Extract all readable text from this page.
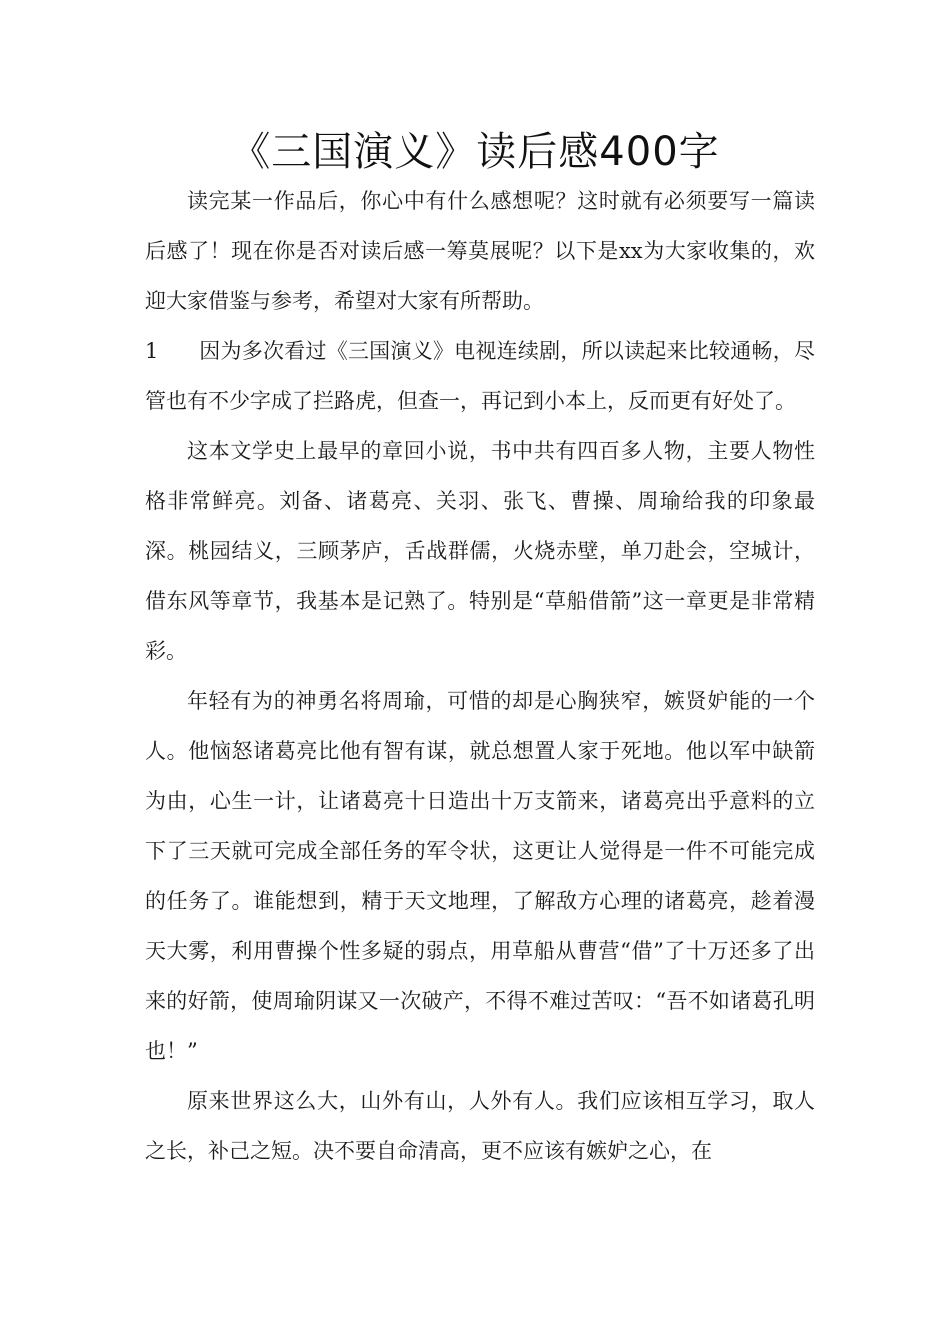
《三国演义》读后感400字

读完某一作品后，你心中有什么感想呢？这时就有必须要写一篇读后感了！现在你是否对读后感一筹莫展呢？以下是xx为大家收集的，欢迎大家借鉴与参考，希望对大家有所帮助。

1 因为多次看过《三国演义》电视连续剧，所以读起来比较通畅，尽管也有不少字成了拦路虎，但查一，再记到小本上，反而更有好处了。

这本文学史上最早的章回小说，书中共有四百多人物，主要人物性格非常鲜亮。刘备、诸葛亮、关羽、张飞、曹操、周瑜给我的印象最深。桃园结义，三顾茅庐，舌战群儒，火烧赤壁，单刀赴会，空城计，借东风等章节，我基本是记熟了。特别是“草船借箭”这一章更是非常精彩。

年轻有为的神勇名将周瑜，可惜的却是心胸狭窄，嫉贤妒能的一个人。他恼怒诸葛亮比他有智有谋，就总想置人家于死地。他以军中缺箭为由，心生一计，让诸葛亮十日造出十万支箭来，诸葛亮出乎意料的立下了三天就可完成全部任务的军令状，这更让人觉得是一件不可能完成的任务了。谁能想到，精于天文地理，了解敌方心理的诸葛亮，趁着漫天大雾，利用曹操个性多疑的弱点，用草船从曹营“借”了十万还多了出来的好箭，使周瑜阴谋又一次破产，不得不难过苦叹：“吾不如诸葛孔明也！”

原来世界这么大，山外有山，人外有人。我们应该相互学习，取人之长，补己之短。决不要自命清高，更不应该有嫉妒之心，在
